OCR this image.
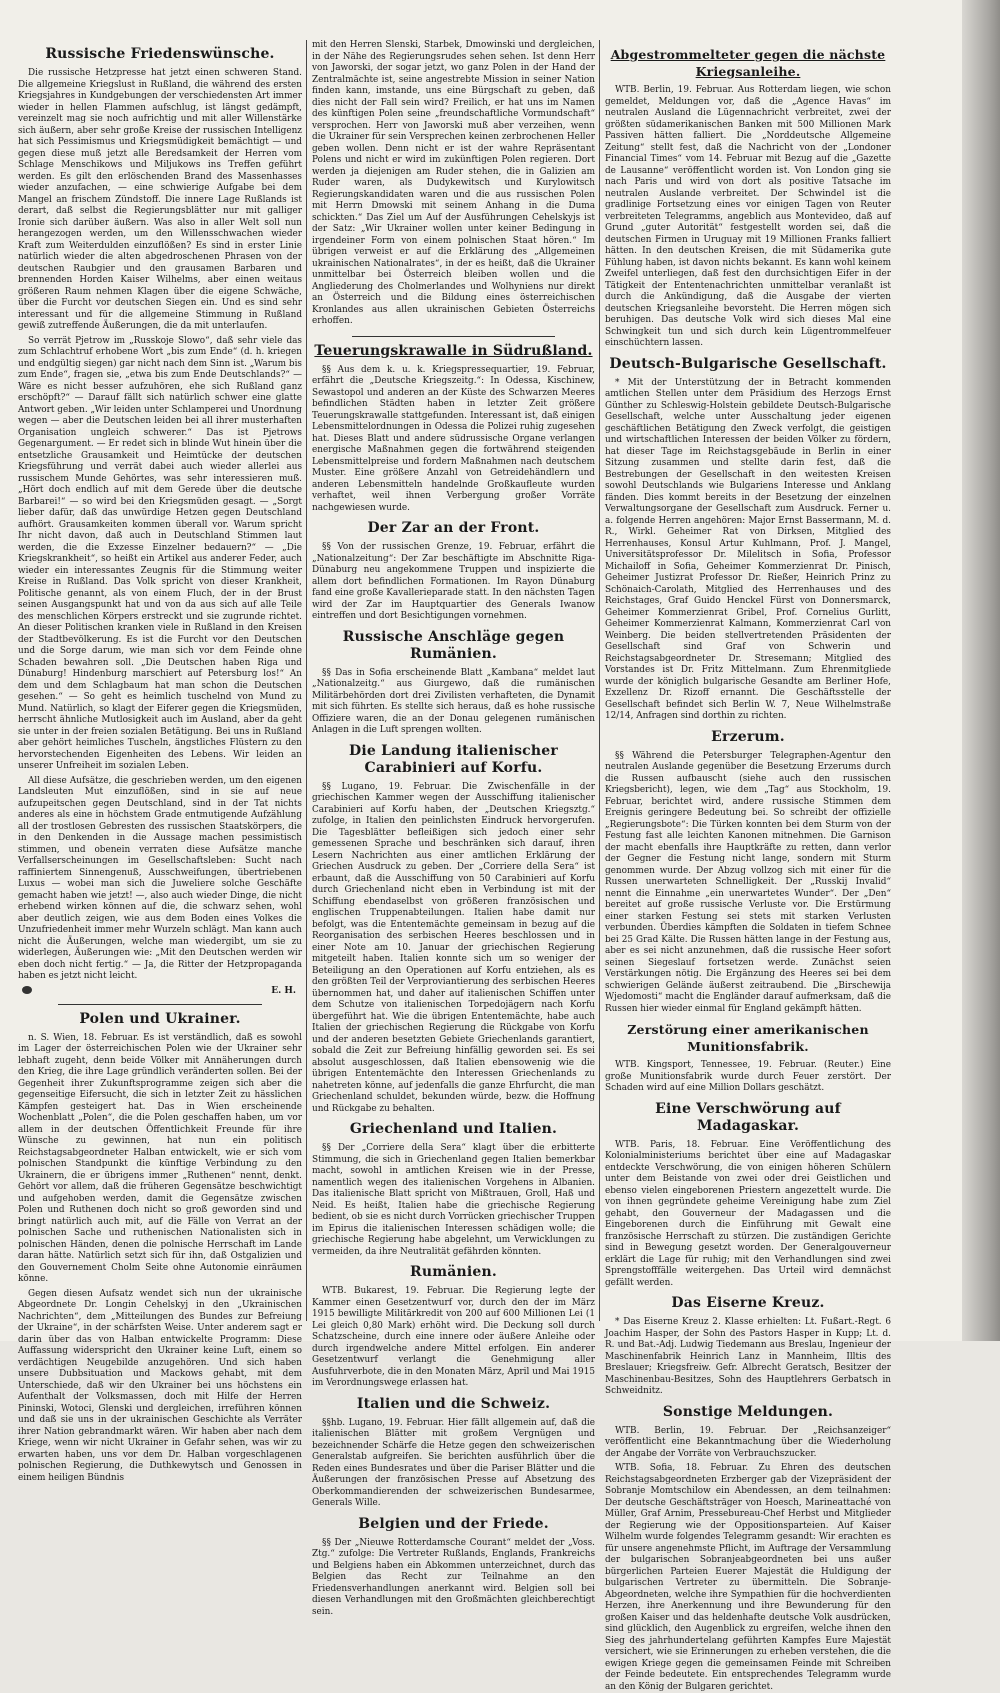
Russische Friedenswünsche.

Die russische Hetzpresse hat jetzt einen schweren Stand. Die allgemeine Kriegslust in Rußland, die während des ersten Kriegsjahres in Kundgebungen der verschiedensten Art immer wieder in hellen Flammen aufschlug, ist längst gedämpft, vereinzelt mag sie noch aufrichtig und mit aller Willenstärke sich äußern, aber sehr große Kreise der russischen Intelligenz hat sich Pessimismus und Kriegsmüdigkeit bemächtigt — und gegen diese muß jetzt alle Beredsamkeit der Herren vom Schlage Menschikows und Miljukows ins Treffen geführt werden. Es gilt den erlöschenden Brand des Massenhasses wieder anzufachen, — eine schwierige Aufgabe bei dem Mangel an frischem Zündstoff. Die innere Lage Rußlands ist derart, daß selbst die Regierungsblätter nur mit galliger Ironie sich darüber äußern. Was also in aller Welt soll nun herangezogen werden, um den Willensschwachen wieder Kraft zum Weiterdulden einzuflößen? Es sind in erster Linie natürlich wieder die alten abgedroschenen Phrasen von der deutschen Raubgier und den grausamen Barbaren und brennenden Horden Kaiser Wilhelms, aber einen weitaus größeren Raum nehmen Klagen über die eigene Schwäche, über die Furcht vor deutschen Siegen ein. Und es sind sehr interessant und für die allgemeine Stimmung in Rußland gewiß zutreffende Äußerungen, die da mit unterlaufen.

So verrät Pjetrow im „Russkoje Slowo“, daß sehr viele das zum Schlachtruf erhobene Wort „bis zum Ende“ (d. h. kriegen und endgültig siegen) gar nicht nach dem Sinn ist. „Warum bis zum Ende“, fragen sie, „etwa bis zum Ende Deutschlands?“ — Wäre es nicht besser aufzuhören, ehe sich Rußland ganz erschöpft?“ — Darauf fällt sich natürlich schwer eine glatte Antwort geben. „Wir leiden unter Schlamperei und Unordnung wegen — aber die Deutschen leiden bei all ihrer musterhaften Organisation ungleich schwerer.“ Das ist Pjetrows Gegenargument. — Er redet sich in blinde Wut hinein über die entsetzliche Grausamkeit und Heimtücke der deutschen Kriegsführung und verrät dabei auch wieder allerlei aus russischem Munde Gehörtes, was sehr interessieren muß. „Hört doch endlich auf mit dem Gerede über die deutsche Barbarei!“ — so wird bei den Kriegsmüden gesagt. — „Sorgt lieber dafür, daß das unwürdige Hetzen gegen Deutschland aufhört. Grausamkeiten kommen überall vor. Warum spricht Ihr nicht davon, daß auch in Deutschland Stimmen laut werden, die die Exzesse Einzelner bedauern?“ — „Die Kriegskrankheit“, so heißt ein Artikel aus anderer Feder, auch wieder ein interessantes Zeugnis für die Stimmung weiter Kreise in Rußland. Das Volk spricht von dieser Krankheit, Politische genannt, als von einem Fluch, der in der Brust seinen Ausgangspunkt hat und von da aus sich auf alle Teile des menschlichen Körpers erstreckt und sie zugrunde richtet. An dieser Politischen kranken viele in Rußland in den Kreisen der Stadtbevölkerung. Es ist die Furcht vor den Deutschen und die Sorge darum, wie man sich vor dem Feinde ohne Schaden bewahren soll. „Die Deutschen haben Riga und Dünaburg! Hindenburg marschiert auf Petersburg los!“ An dem und dem Schlagbaum hat man schon die Deutschen gesehen.“ — So geht es heimlich tuschelnd von Mund zu Mund. Natürlich, so klagt der Eiferer gegen die Kriegsmüden, herrscht ähnliche Mutlosigkeit auch im Ausland, aber da geht sie unter in der freien sozialen Betätigung. Bei uns in Rußland aber gehört heimliches Tuscheln, ängstliches Flüstern zu den hervorstechenden Eigenheiten des Lebens. Wir leiden an unserer Unfreiheit im sozialen Leben.

All diese Aufsätze, die geschrieben werden, um den eigenen Landsleuten Mut einzuflößen, sind in sie auf neue aufzupeitschen gegen Deutschland, sind in der Tat nichts anderes als eine in höchstem Grade entmutigende Aufzählung all der trostlosen Gebresten des russischen Staatskörpers, die in den Denkenden in die Aussage machen pessimistisch stimmen, und obenein verraten diese Aufsätze manche Verfallserscheinungen im Gesellschaftsleben: Sucht nach raffiniertem Sinnengenuß, Ausschweifungen, übertriebenen Luxus — wobei man sich die Juweliere solche Geschäfte gemacht haben wie jetzt! —, also auch wieder Dinge, die nicht erhebend wirken können auf die, die schwarz sehen, wohl aber deutlich zeigen, wie aus dem Boden eines Volkes die Unzufriedenheit immer mehr Wurzeln schlägt. Man kann auch nicht die Äußerungen, welche man wiedergibt, um sie zu widerlegen, Äußerungen wie: „Mit den Deutschen werden wir eben doch nicht fertig.“ — Ja, die Ritter der Hetzpropaganda haben es jetzt nicht leicht.

E. H.
Polen und Ukrainer.

n. S. Wien, 18. Februar. Es ist verständlich, daß es sowohl im Lager der österreichischen Polen wie der Ukrainer sehr lebhaft zugeht, denn beide Völker mit Annäherungen durch den Krieg, die ihre Lage gründlich veränderten sollen. Bei der Gegenheit ihrer Zukunftsprogramme zeigen sich aber die gegenseitige Eifersucht, die sich in letzter Zeit zu hässlichen Kämpfen gesteigert hat. Das in Wien erscheinende Wochenblatt „Polen“, die die Polen geschaffen haben, um vor allem in der deutschen Öffentlichkeit Freunde für ihre Wünsche zu gewinnen, hat nun ein politisch Reichstagsabgeordneter Halban entwickelt, wie er sich vom polnischen Standpunkt die künftige Verbindung zu den Ukrainern, die er übrigens immer „Ruthenen“ nennt, denkt. Gehört vor allem, daß die früheren Gegensätze beschwichtigt und aufgehoben werden, damit die Gegensätze zwischen Polen und Ruthenen doch nicht so groß geworden sind und bringt natürlich auch mit, auf die Fälle von Verrat an der polnischen Sache und ruthenischen Nationalisten sich in polnischen Händen, denen die polnische Herrschaft im Lande daran hätte. Natürlich setzt sich für ihn, daß Ostgalizien und den Gouvernement Cholm Seite ohne Autonomie einräumen könne.

Gegen diesen Aufsatz wendet sich nun der ukrainische Abgeordnete Dr. Longin Cehelskyj in den „Ukrainischen Nachrichten“, dem „Mitteilungen des Bundes zur Befreiung der Ukraine“, in der schärfsten Weise. Unter anderem sagt er darin über das von Halban entwickelte Programm: Diese Auffassung widerspricht den Ukrainer keine Luft, einem so verdächtigen Neugebilde anzugehören. Und sich haben unsere Dubbsituation und Mackows gehabt, mit dem Unterschiede, daß wir den Ukrainer bei uns höchstens ein Aufenthalt der Volksmassen, doch mit Hilfe der Herren Pininski, Wotoci, Glenski und dergleichen, irreführen können und daß sie uns in der ukrainischen Geschichte als Verräter ihrer Nation gebrandmarkt wären. Wir haben aber nach dem Kriege, wenn wir nicht Ukrainer in Gefahr sehen, was wir zu erwarten haben, uns vor dem Dr. Halban vorgeschlagenen polnischen Regierung, die Duthkewytsch und Genossen in einem heiligen Bündnis

mit den Herren Slenski, Starbek, Dmowinski und dergleichen, in der Nähe des Regierungsrudes sehen sehen. Ist denn Herr von Jaworski, der sogar jetzt, wo ganz Polen in der Hand der Zentralmächte ist, seine angestrebte Mission in seiner Nation finden kann, imstande, uns eine Bürgschaft zu geben, daß dies nicht der Fall sein wird? Freilich, er hat uns im Namen des künftigen Polen seine „freundschaftliche Vormundschaft“ versprochen. Herr von Jaworski muß aber verzeihen, wenn die Ukrainer für sein Versprechen keinen zerbrochenen Heller geben wollen. Denn nicht er ist der wahre Repräsentant Polens und nicht er wird im zukünftigen Polen regieren. Dort werden ja diejenigen am Ruder stehen, die in Galizien am Ruder waren, als Dudykewitsch und Kurylowitsch Regierungskandidaten waren und die aus russischen Polen mit Herrn Dmowski mit seinem Anhang in die Duma schickten.“ Das Ziel um Auf der Ausführungen Cehelskyjs ist der Satz: „Wir Ukrainer wollen unter keiner Bedingung in irgendeiner Form von einem polnischen Staat hören.“ Im übrigen verweist er auf die Erklärung des „Allgemeinen ukrainischen Nationalrates“, in der es heißt, daß die Ukrainer unmittelbar bei Österreich bleiben wollen und die Angliederung des Cholmerlandes und Wolhyniens nur direkt an Österreich und die Bildung eines österreichischen Kronlandes aus allen ukrainischen Gebieten Österreichs erhoffen.

Teuerungskrawalle in Südrußland.

§§ Aus dem k. u. k. Kriegspressequartier, 19. Februar, erfährt die „Deutsche Kriegszeitg.“: In Odessa, Kischinew, Sewastopol und anderen an der Küste des Schwarzen Meeres befindlichen Städten haben in letzter Zeit größere Teuerungskrawalle stattgefunden. Interessant ist, daß einigen Lebensmittelordnungen in Odessa die Polizei ruhig zugesehen hat. Dieses Blatt und andere südrussische Organe verlangen energische Maßnahmen gegen die fortwährend steigenden Lebensmittelpreise und fordern Maßnahmen nach deutschem Muster. Eine größere Anzahl von Getreidehändlern und anderen Lebensmitteln handelnde Großkaufleute wurden verhaftet, weil ihnen Verbergung großer Vorräte nachgewiesen wurde.

Der Zar an der Front.

§§ Von der russischen Grenze, 19. Februar, erfährt die „Nationalzeitung“: Der Zar beschäftigte im Abschnitte Riga-Dünaburg neu angekommene Truppen und inspizierte die allem dort befindlichen Formationen. Im Rayon Dünaburg fand eine große Kavallerieparade statt. In den nächsten Tagen wird der Zar im Hauptquartier des Generals Iwanow eintreffen und dort Besichtigungen vornehmen.

Russische Anschläge gegen Rumänien.

§§ Das in Sofia erscheinende Blatt „Kambana“ meldet laut „Nationalzeitg.“ aus Giurgewo, daß die rumänischen Militärbehörden dort drei Zivilisten verhafteten, die Dynamit mit sich führten. Es stellte sich heraus, daß es hohe russische Offiziere waren, die an der Donau gelegenen rumänischen Anlagen in die Luft sprengen wollten.

Die Landung italienischer Carabinieri auf Korfu.

§§ Lugano, 19. Februar. Die Zwischenfälle in der griechischen Kammer wegen der Ausschiffung italienischer Carabinieri auf Korfu haben, der „Deutschen Kriegsztg.“ zufolge, in Italien den peinlichsten Eindruck hervorgerufen. Die Tagesblätter befleißigen sich jedoch einer sehr gemessenen Sprache und beschränken sich darauf, ihren Lesern Nachrichten aus einer amtlichen Erklärung der Griechen Ausdruck zu geben. Der „Corriere della Sera“ ist erbaunt, daß die Ausschiffung von 50 Carabinieri auf Korfu durch Griechenland nicht eben in Verbindung ist mit der Schiffung ebendaselbst von größeren französischen und englischen Truppenabteilungen. Italien habe damit nur befolgt, was die Ententemächte gemeinsam in bezug auf die Reorganisation des serbischen Heeres beschlossen und in einer Note am 10. Januar der griechischen Regierung mitgeteilt haben. Italien konnte sich um so weniger der Beteiligung an den Operationen auf Korfu entziehen, als es den größten Teil der Verproviantierung des serbischen Heeres übernommen hat, und daher auf italienischen Schiffen unter dem Schutze von italienischen Torpedojägern nach Korfu übergeführt hat. Wie die übrigen Ententemächte, habe auch Italien der griechischen Regierung die Rückgabe von Korfu und der anderen besetzten Gebiete Griechenlands garantiert, sobald die Zeit zur Befreiung hinfällig geworden sei. Es sei absolut ausgeschlossen, daß Italien ebensowenig wie die übrigen Ententemächte den Interessen Griechenlands zu nahetreten könne, auf jedenfalls die ganze Ehrfurcht, die man Griechenland schuldet, bekunden würde, bezw. die Hoffnung und Rückgabe zu behalten.

Griechenland und Italien.

§§ Der „Corriere della Sera“ klagt über die erbitterte Stimmung, die sich in Griechenland gegen Italien bemerkbar macht, sowohl in amtlichen Kreisen wie in der Presse, namentlich wegen des italienischen Vorgehens in Albanien. Das italienische Blatt spricht von Mißtrauen, Groll, Haß und Neid. Es heißt, Italien habe die griechische Regierung bedient, ob sie es nicht durch Vorrücken griechischer Truppen im Epirus die italienischen Interessen schädigen wolle; die griechische Regierung habe abgelehnt, um Verwicklungen zu vermeiden, da ihre Neutralität gefährden könnten.

Rumänien.

WTB. Bukarest, 19. Februar. Die Regierung legte der Kammer einen Gesetzentwurf vor, durch den der im März 1915 bewilligte Militärkredit von 200 auf 600 Millionen Lei (1 Lei gleich 0,80 Mark) erhöht wird. Die Deckung soll durch Schatzscheine, durch eine innere oder äußere Anleihe oder durch irgendwelche andere Mittel erfolgen. Ein anderer Gesetzentwurf verlangt die Genehmigung aller Ausfuhrverbote, die in den Monaten März, April und Mai 1915 im Verordnungswege erlassen hat.

Italien und die Schweiz.

§§hb. Lugano, 19. Februar. Hier fällt allgemein auf, daß die italienischen Blätter mit großem Vergnügen und bezeichnender Schärfe die Hetze gegen den schweizerischen Generalstab aufgreifen. Sie berichten ausführlich über die Reden eines Bundesrates und über die Pariser Blätter und die Äußerungen der französischen Presse auf Absetzung des Oberkommandierenden der schweizerischen Bundesarmee, Generals Wille.

Belgien und der Friede.

§§ Der „Nieuwe Rotterdamsche Courant“ meldet der „Voss. Ztg.“ zufolge: Die Vertreter Rußlands, Englands, Frankreichs und Belgiens haben ein Abkommen unterzeichnet, durch das Belgien das Recht zur Teilnahme an den Friedensverhandlungen anerkannt wird. Belgien soll bei diesen Verhandlungen mit den Großmächten gleichberechtigt sein.

Abgestrommelteter gegen die nächste Kriegsanleihe.

WTB. Berlin, 19. Februar. Aus Rotterdam liegen, wie schon gemeldet, Meldungen vor, daß die „Agence Havas“ im neutralen Ausland die Lügennachricht verbreitet, zwei der größten südamerikanischen Banken mit 500 Millionen Mark Passiven hätten falliert. Die „Norddeutsche Allgemeine Zeitung“ stellt fest, daß die Nachricht von der „Londoner Financial Times“ vom 14. Februar mit Bezug auf die „Gazette de Lausanne“ veröffentlicht worden ist. Von London ging sie nach Paris und wird von dort als positive Tatsache im neutralen Auslande verbreitet. Der Schwindel ist die gradlinige Fortsetzung eines vor einigen Tagen von Reuter verbreiteten Telegramms, angeblich aus Montevideo, daß auf Grund „guter Autorität“ festgestellt worden sei, daß die deutschen Firmen in Uruguay mit 19 Millionen Franks falliert hätten. In den deutschen Kreisen, die mit Südamerika gute Fühlung haben, ist davon nichts bekannt. Es kann wohl keinem Zweifel unterliegen, daß fest den durchsichtigen Eifer in der Tätigkeit der Ententenachrichten unmittelbar veranlaßt ist durch die Ankündigung, daß die Ausgabe der vierten deutschen Kriegsanleihe bevorsteht. Die Herren mögen sich beruhigen. Das deutsche Volk wird sich dieses Mal eine Schwingkeit tun und sich durch kein Lügentrommelfeuer einschüchtern lassen.

Deutsch-Bulgarische Gesellschaft.

* Mit der Unterstützung der in Betracht kommenden amtlichen Stellen unter dem Präsidium des Herzogs Ernst Günther zu Schleswig-Holstein gebildete Deutsch-Bulgarische Gesellschaft, welche unter Ausschaltung jeder eigenen geschäftlichen Betätigung den Zweck verfolgt, die geistigen und wirtschaftlichen Interessen der beiden Völker zu fördern, hat dieser Tage im Reichstagsgebäude in Berlin in einer Sitzung zusammen und stellte darin fest, daß die Bestrebungen der Gesellschaft in den weitesten Kreisen sowohl Deutschlands wie Bulgariens Interesse und Anklang fänden. Dies kommt bereits in der Besetzung der einzelnen Verwaltungsorgane der Gesellschaft zum Ausdruck. Ferner u. a. folgende Herren angehören: Major Ernst Bassermann, M. d. R., Wirkl. Geheimer Rat von Dirksen, Mitglied des Herrenhauses, Konsul Artur Kuhlmann, Prof. J. Mangel, Universitätsprofessor Dr. Milelitsch in Sofia, Professor Michailoff in Sofia, Geheimer Kommerzienrat Dr. Pinisch, Geheimer Justizrat Professor Dr. Rießer, Heinrich Prinz zu Schönaich-Carolath, Mitglied des Herrenhauses und des Reichstages, Graf Guido Henckel Fürst von Donnersmarck, Geheimer Kommerzienrat Gribel, Prof. Cornelius Gurlitt, Geheimer Kommerzienrat Kalmann, Kommerzienrat Carl von Weinberg. Die beiden stellvertretenden Präsidenten der Gesellschaft sind Graf von Schwerin und Reichstagsabgeordneter Dr. Stresemann; Mitglied des Vorstandes ist Dr. Fritz Mittelmann. Zum Ehrenmitgliede wurde der königlich bulgarische Gesandte am Berliner Hofe, Exzellenz Dr. Rizoff ernannt. Die Geschäftsstelle der Gesellschaft befindet sich Berlin W. 7, Neue Wilhelmstraße 12/14, Anfragen sind dorthin zu richten.

Erzerum.

§§ Während die Petersburger Telegraphen-Agentur den neutralen Auslande gegenüber die Besetzung Erzerums durch die Russen aufbauscht (siehe auch den russischen Kriegsbericht), legen, wie dem „Tag“ aus Stockholm, 19. Februar, berichtet wird, andere russische Stimmen dem Ereignis geringere Bedeutung bei. So schreibt der offizielle „Regierungsbote“: Die Türken konnten bei dem Sturm von der Festung fast alle leichten Kanonen mitnehmen. Die Garnison der macht ebenfalls ihre Hauptkräfte zu retten, dann verlor der Gegner die Festung nicht lange, sondern mit Sturm genommen wurde. Der Abzug vollzog sich mit einer für die Russen unerwarteten Schnelligkeit. Der „Russkij Invalid“ nennt die Einnahme „ein unerwartetes Wunder“. Der „Den“ bereitet auf große russische Verluste vor. Die Erstürmung einer starken Festung sei stets mit starken Verlusten verbunden. Überdies kämpften die Soldaten in tiefem Schnee bei 25 Grad Kälte. Die Russen hätten lange in der Festung aus, aber es sei nicht anzunehmen, daß die russische Heer sofort seinen Siegeslauf fortsetzen werde. Zunächst seien Verstärkungen nötig. Die Ergänzung des Heeres sei bei dem schwierigen Gelände äußerst zeitraubend. Die „Birschewija Wjedomosti“ macht die Engländer darauf aufmerksam, daß die Russen hier wieder einmal für England gekämpft hätten.

Zerstörung einer amerikanischen Munitionsfabrik.

WTB. Kingsport, Tennessee, 19. Februar. (Reuter.) Eine große Munitionsfabrik wurde durch Feuer zerstört. Der Schaden wird auf eine Million Dollars geschätzt.

Eine Verschwörung auf Madagaskar.

WTB. Paris, 18. Februar. Eine Veröffentlichung des Kolonialministeriums berichtet über eine auf Madagaskar entdeckte Verschwörung, die von einigen höheren Schülern unter dem Beistande von zwei oder drei Geistlichen und ebenso vielen eingeborenen Priestern angezettelt wurde. Die von ihnen gegründete geheime Vereinigung habe zum Ziel gehabt, den Gouverneur der Madagassen und die Eingeborenen durch die Einführung mit Gewalt eine französische Herrschaft zu stürzen. Die zuständigen Gerichte sind in Bewegung gesetzt worden. Der Generalgouverneur erklärt die Lage für ruhig; mit den Verhandlungen sind zwei Sprengstofffälle weitergehen. Das Urteil wird demnächst gefällt werden.

Das Eiserne Kreuz.

* Das Eiserne Kreuz 2. Klasse erhielten: Lt. Fußart.-Regt. 6 Joachim Hasper, der Sohn des Pastors Hasper in Kupp; Lt. d. R. und Bat.-Adj. Ludwig Tiedemann aus Breslau, Ingenieur der Maschinenfabrik Heinrich Lanz in Mannheim, Illtis des Breslauer; Kriegsfreiw. Gefr. Albrecht Geratsch, Besitzer der Maschinenbau-Besitzes, Sohn des Hauptlehrers Gerbatsch in Schweidnitz.

Sonstige Meldungen.

WTB. Berlin, 19. Februar. Der „Reichsanzeiger“ veröffentlicht eine Bekanntmachung über die Wiederholung der Angabe der Vorräte von Verbrauchszucker.

WTB. Sofia, 18. Februar. Zu Ehren des deutschen Reichstagsabgeordneten Erzberger gab der Vizepräsident der Sobranje Momtschilow ein Abendessen, an dem teilnahmen: Der deutsche Geschäftsträger von Hoesch, Marineattaché von Müller, Graf Arnim, Pressebureau-Chef Herbst und Mitglieder der Regierung wie der Oppositionsparteien. Auf Kaiser Wilhelm wurde folgendes Telegramm gesandt: Wir erachten es für unsere angenehmste Pflicht, im Auftrage der Versammlung der bulgarischen Sobranjeabgeordneten bei uns außer bürgerlichen Parteien Euerer Majestät die Huldigung der bulgarischen Vertreter zu übermitteln. Die Sobranje-Abgeordneten, welche ihre Sympathien für die hochverdienten Herzen, ihre Anerkennung und ihre Bewunderung für den großen Kaiser und das heldenhafte deutsche Volk ausdrücken, sind glücklich, den Augenblick zu ergreifen, welche ihnen den Sieg des jahrhundertelang geführten Kampfes Eure Majestät versichert, wie sie Erinnerungen zu erheben verstehen, die die ewigen Kriege gegen die gemeinsamen Feinde mit Schreiben der Feinde bedeutete. Ein entsprechendes Telegramm wurde an den König der Bulgaren gerichtet.
